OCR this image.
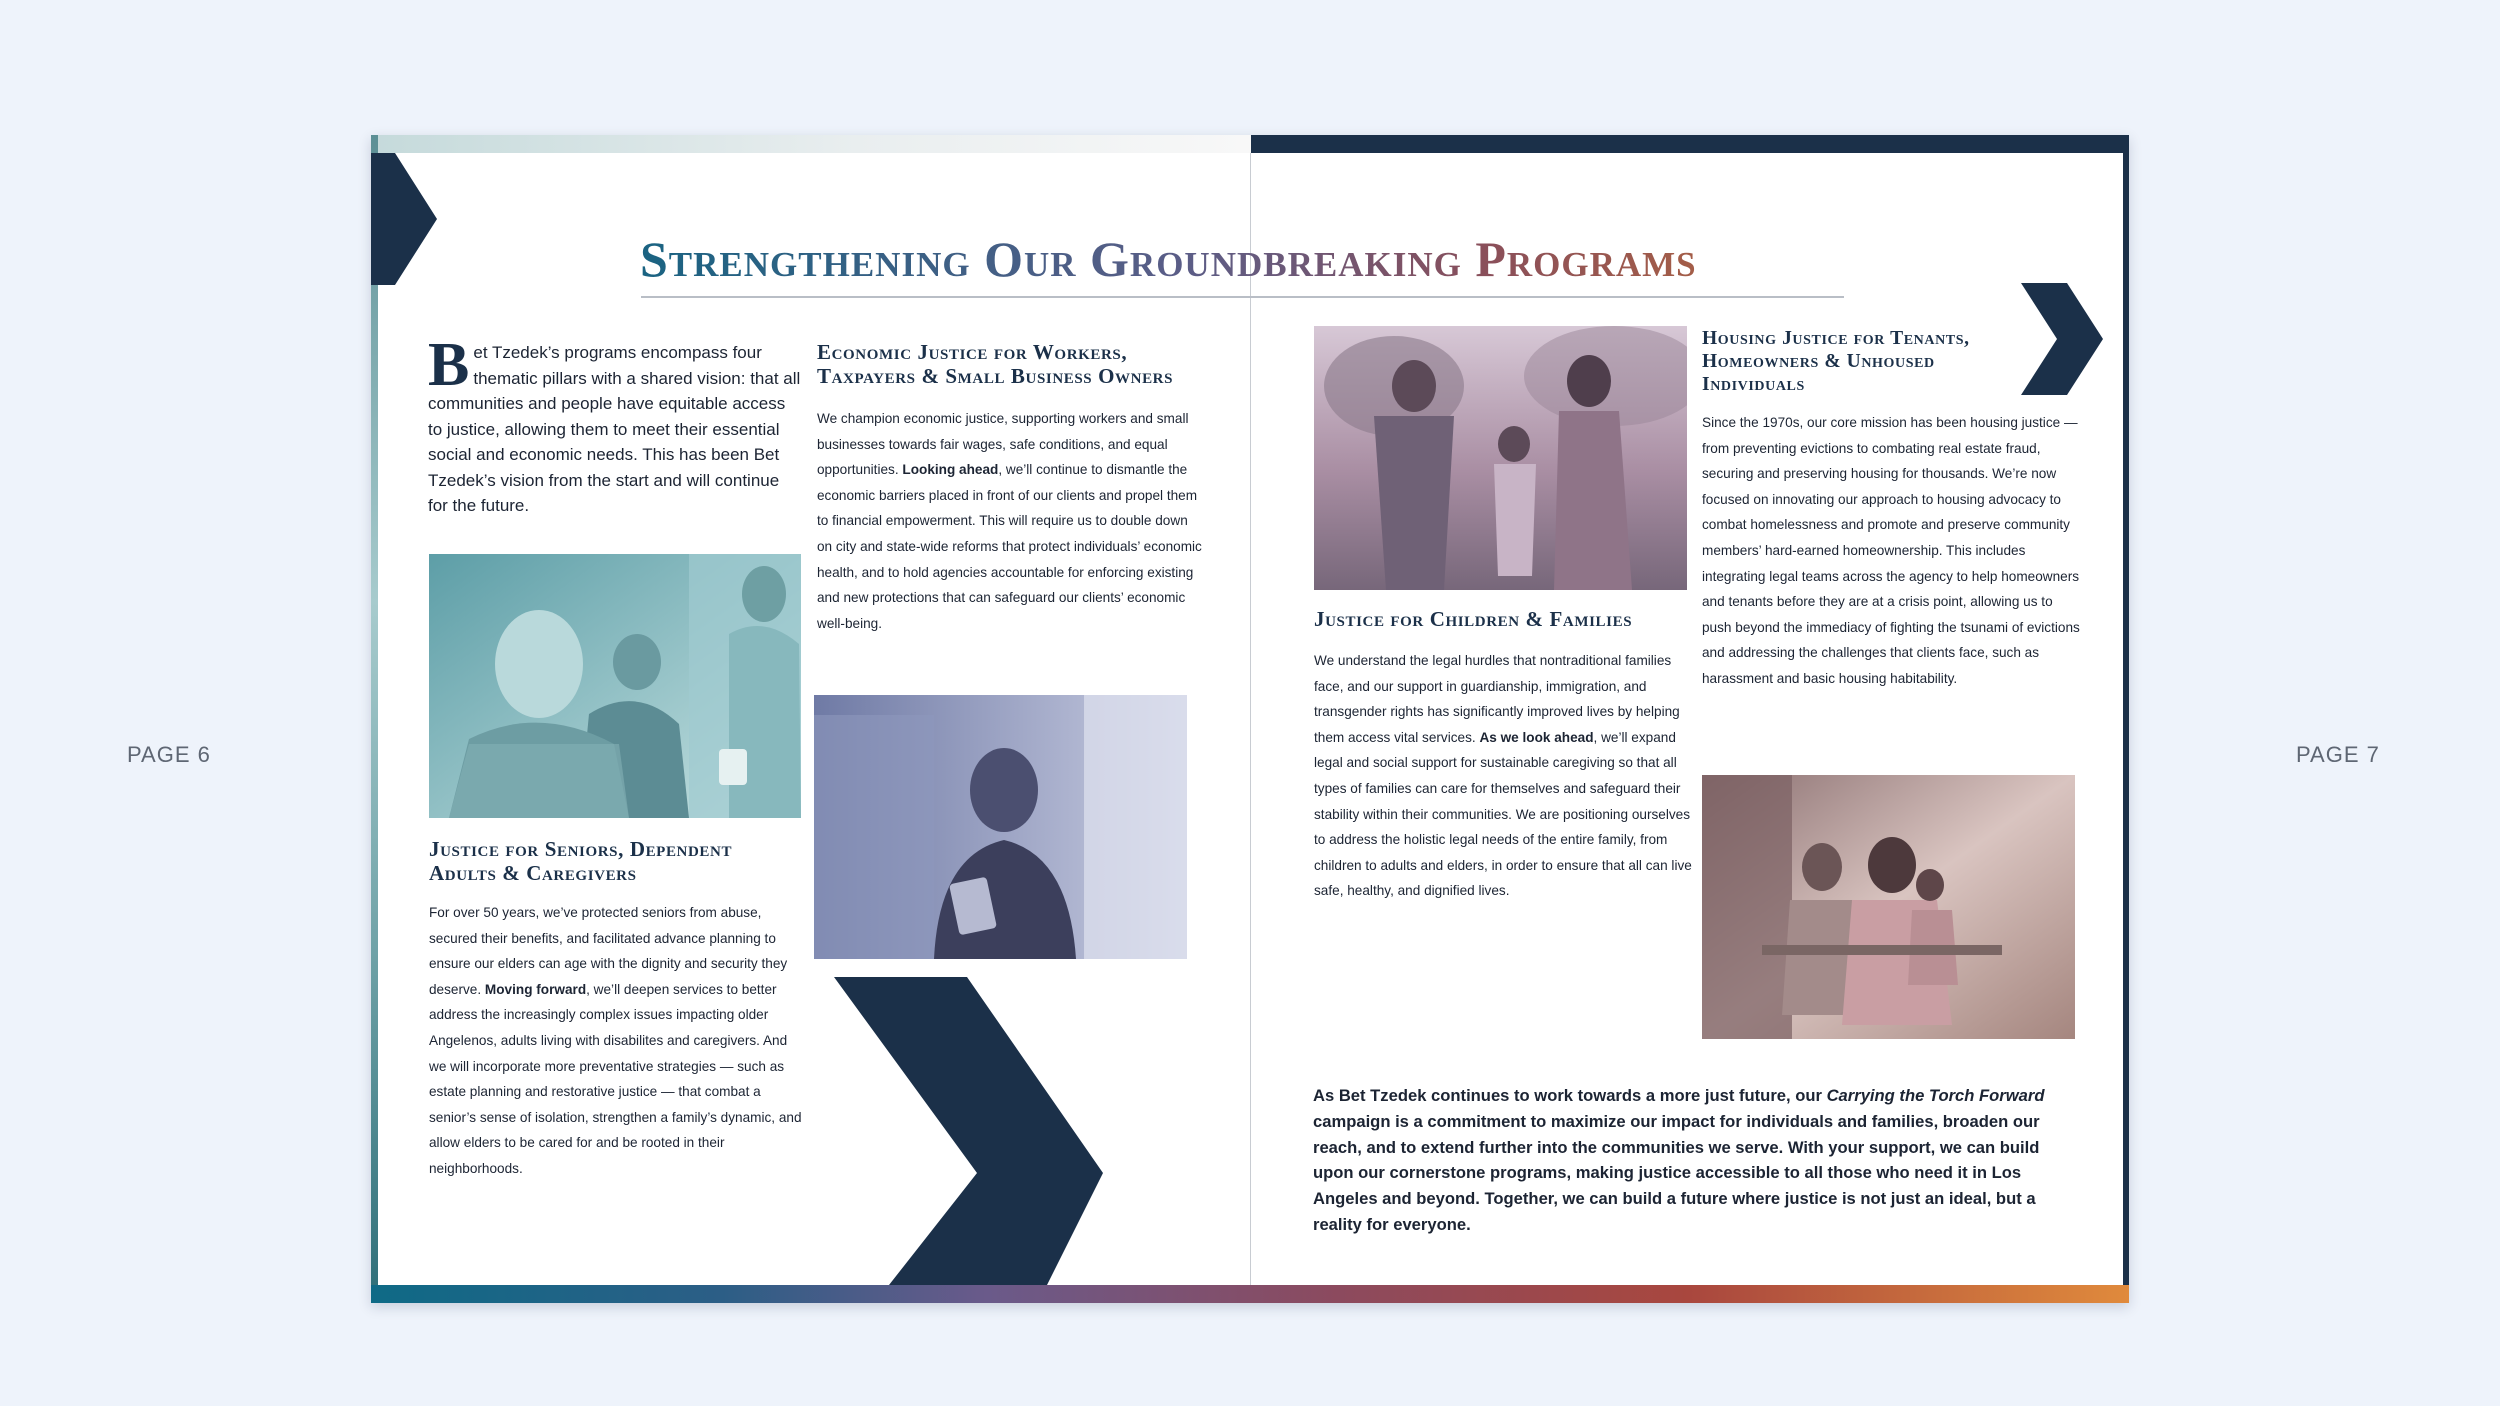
PAGE 6	PAGE 7
Strengthening Our Groundbreaking Programs
Bet Tzedek’s programs encompass four thematic pillars with a shared vision: that all communities and people have equitable access to justice, allowing them to meet their essential social and economic needs. This has been Bet Tzedek’s vision from the start and will continue for the future.
Justice for Seniors, Dependent Adults & Caregivers
For over 50 years, we’ve protected seniors from abuse, secured their benefits, and facilitated advance planning to ensure our elders can age with the dignity and security they deserve. Moving forward, we’ll deepen services to better address the increasingly complex issues impacting older Angelenos, adults living with disabilites and caregivers. And we will incorporate more preventative strategies — such as estate planning and restorative justice — that combat a senior’s sense of isolation, strengthen a family’s dynamic, and allow elders to be cared for and be rooted in their neighborhoods.
Economic Justice for Workers, Taxpayers & Small Business Owners
We champion economic justice, supporting workers and small businesses towards fair wages, safe conditions, and equal opportunities. Looking ahead, we’ll continue to dismantle the economic barriers placed in front of our clients and propel them to financial empowerment. This will require us to double down on city and state-wide reforms that protect individuals’ economic health, and to hold agencies accountable for enforcing existing and new protections that can safeguard our clients’ economic well-being.	Justice for Children & Families
We understand the legal hurdles that nontraditional families face, and our support in guardianship, immigration, and transgender rights has significantly improved lives by helping them access vital services. As we look ahead, we’ll expand legal and social support for sustainable caregiving so that all types of families can care for themselves and safeguard their stability within their communities. We are positioning ourselves to address the holistic legal needs of the entire family, from children to adults and elders, in order to ensure that all can live safe, healthy, and dignified lives.
Housing Justice for Tenants, Homeowners & Unhoused Individuals
Since the 1970s, our core mission has been housing justice — from preventing evictions to combating real estate fraud, securing and preserving housing for thousands. We’re now focused on innovating our approach to housing advocacy to combat homelessness and promote and preserve community members’ hard-earned homeownership. This includes integrating legal teams across the agency to help homeowners and tenants before they are at a crisis point, allowing us to push beyond the immediacy of fighting the tsunami of evictions and addressing the challenges that clients face, such as harassment and basic housing habitability.
As Bet Tzedek continues to work towards a more just future, our Carrying the Torch Forward campaign is a commitment to maximize our impact for individuals and families, broaden our reach, and to extend further into the communities we serve. With your support, we can build upon our cornerstone programs, making justice accessible to all those who need it in Los Angeles and beyond. Together, we can build a future where justice is not just an ideal, but a reality for everyone.
